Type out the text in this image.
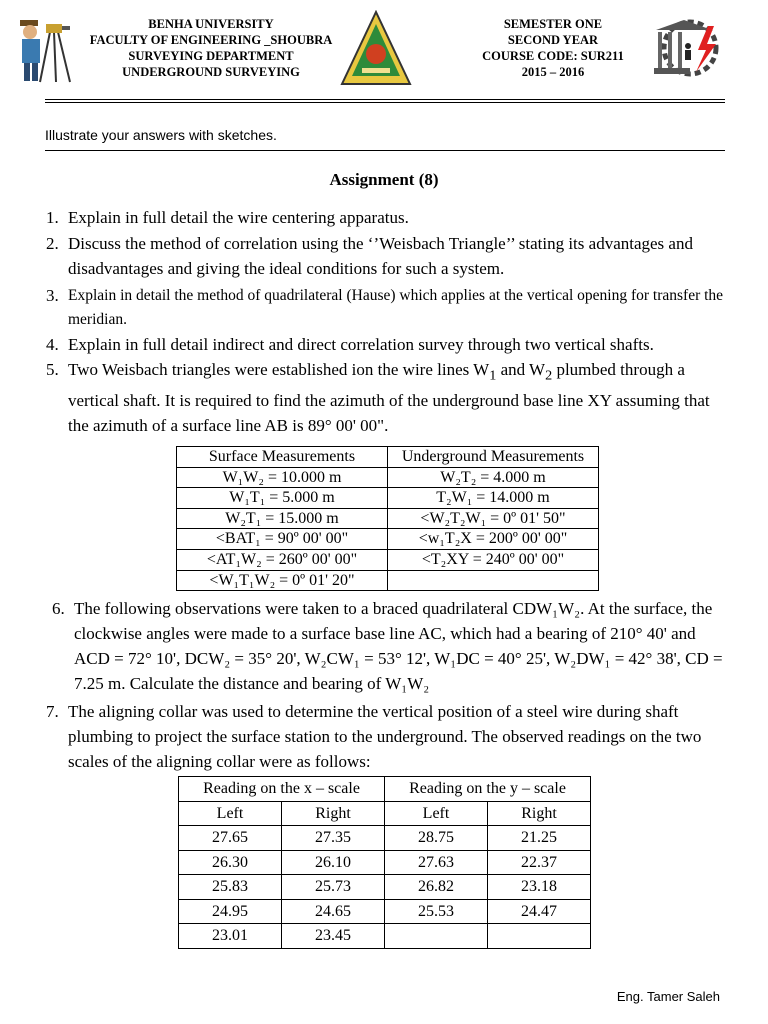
BENHA UNIVERSITY
FACULTY OF ENGINEERING _SHOUBRA
SURVEYING DEPARTMENT
UNDERGROUND SURVEYING
SEMESTER ONE
SECOND YEAR
COURSE CODE: SUR211
2015 – 2016
Illustrate your answers with sketches.
Assignment (8)
1. Explain in full detail the wire centering apparatus.
2. Discuss the method of correlation using the ‘’Weisbach Triangle’’ stating its advantages and disadvantages and giving the ideal conditions for such a system.
3. Explain in detail the method of quadrilateral (Hause) which applies at the vertical opening for transfer the meridian.
4. Explain in full detail indirect and direct correlation survey through two vertical shafts.
5. Two Weisbach triangles were established ion the wire lines $W_1$ and $W_2$ plumbed through a vertical shaft. It is required to find the azimuth of the underground base line XY assuming that the azimuth of a surface line AB is 89° 00' 00".
Surface Measurements	Underground Measurements
W₁W₂ = 10.000 m	W₂T₂ = 4.000 m
W₁T₁ = 5.000 m	T₂W₁ = 14.000 m
W₂T₁ = 15.000 m	<W₂T₂W₁ = 0º 01' 50"
<BAT₁ = 90º 00' 00"	<w₁T₂X = 200º 00' 00"
<AT₁W₂ = 260º 00' 00"	<T₂XY = 240º 00' 00"
<W₁T₁W₂ = 0º 01' 20"	
6. The following observations were taken to a braced quadrilateral CDW₁W₂. At the surface, the clockwise angles were made to a surface base line AC, which had a bearing of 210° 40' and ACD = 72° 10', DCW₂ = 35° 20', W₂CW₁ = 53° 12', W₁DC = 40° 25', W₂DW₁ = 42° 38', CD = 7.25 m. Calculate the distance and bearing of W₁W₂
7. The aligning collar was used to determine the vertical position of a steel wire during shaft plumbing to project the surface station to the underground. The observed readings on the two scales of the aligning collar were as follows:
Reading on the x – scale		Reading on the y – scale	
Left	Right	Left	Right
27.65	27.35	28.75	21.25
26.30	26.10	27.63	22.37
25.83	25.73	26.82	23.18
24.95	24.65	25.53	24.47
23.01	23.45		
Eng. Tamer Saleh
